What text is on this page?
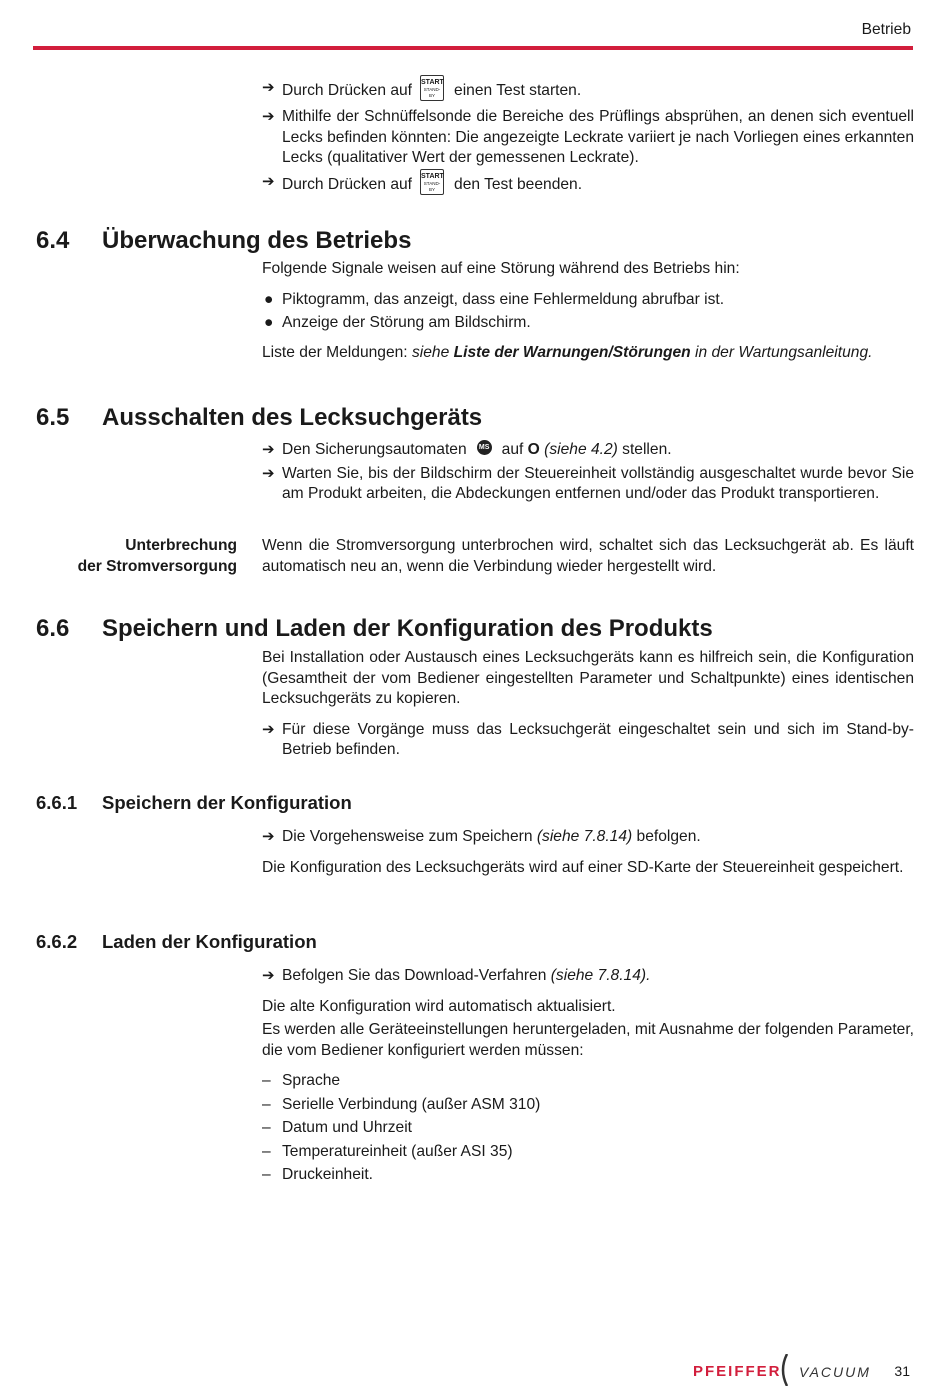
Betrieb
➔ Durch Drücken auf START
STAND-BY	einen Test starten.
➔ Mithilfe der Schnüffelsonde die Bereiche des Prüflings absprühen, an denen sich eventuell Lecks befinden könnten: Die angezeigte Leckrate variiert je nach Vorliegen eines erkannten Lecks (qualitativer Wert der gemessenen Leckrate).
➔ Durch Drücken auf START
STAND-BY	den Test beenden.
6.4 Überwachung des Betriebs
Folgende Signale weisen auf eine Störung während des Betriebs hin:
● Piktogramm, das anzeigt, dass eine Fehlermeldung abrufbar ist.
● Anzeige der Störung am Bildschirm.
Liste der Meldungen: siehe Liste der Warnungen/Störungen in der Wartungsanleitung.
6.5 Ausschalten des Lecksuchgeräts
➔ Den Sicherungsautomaten MS auf O (siehe 4.2) stellen.
➔ Warten Sie, bis der Bildschirm der Steuereinheit vollständig ausgeschaltet wurde bevor Sie am Produkt arbeiten, die Abdeckungen entfernen und/oder das Produkt transportieren.
Unterbrechung
der Stromversorgung
Wenn die Stromversorgung unterbrochen wird, schaltet sich das Lecksuchgerät ab. Es läuft automatisch neu an, wenn die Verbindung wieder hergestellt wird.
6.6 Speichern und Laden der Konfiguration des Produkts
Bei Installation oder Austausch eines Lecksuchgeräts kann es hilfreich sein, die Konfiguration (Gesamtheit der vom Bediener eingestellten Parameter und Schaltpunkte) eines identischen Lecksuchgeräts zu kopieren.
➔ Für diese Vorgänge muss das Lecksuchgerät eingeschaltet sein und sich im Stand-by-Betrieb befinden.
6.6.1 Speichern der Konfiguration
➔ Die Vorgehensweise zum Speichern (siehe 7.8.14) befolgen.
Die Konfiguration des Lecksuchgeräts wird auf einer SD-Karte der Steuereinheit gespeichert.
6.6.2 Laden der Konfiguration
➔ Befolgen Sie das Download-Verfahren (siehe 7.8.14).
Die alte Konfiguration wird automatisch aktualisiert.
Es werden alle Geräteeinstellungen heruntergeladen, mit Ausnahme der folgenden Parameter, die vom Bediener konfiguriert werden müssen:
– Sprache
– Serielle Verbindung (außer ASM 310)
– Datum und Uhrzeit
– Temperatureinheit (außer ASI 35)
– Druckeinheit.
PFEIFFER VACUUM 31
